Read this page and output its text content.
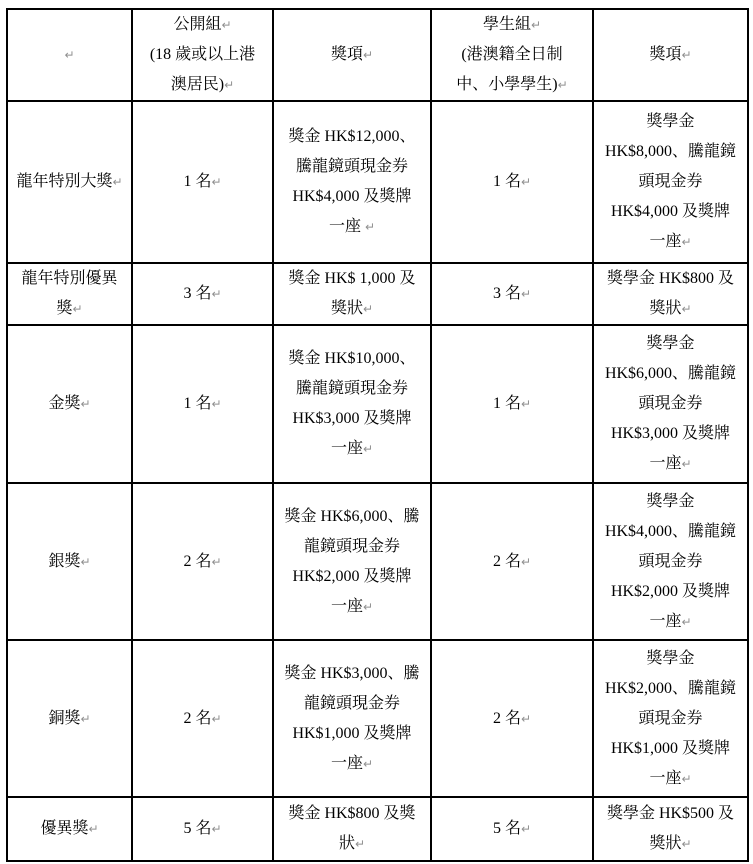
↵	公開組↵
(18 歲或以上港
澳居民)↵	獎項↵	學生組↵
(港澳籍全日制
中、小學學生)↵	獎項↵
龍年特別大獎↵	1 名↵	獎金 HK$12,000、
騰龍鏡頭現金券
HK$4,000 及獎牌
一座 ↵	1 名↵	獎學金
HK$8,000、騰龍鏡
頭現金券
HK$4,000 及獎牌
一座↵
龍年特別優異
獎↵	3 名↵	獎金 HK$ 1,000 及
獎狀↵	3 名↵	獎學金 HK$800 及
獎狀↵
金獎↵	1 名↵	獎金 HK$10,000、
騰龍鏡頭現金券
HK$3,000 及獎牌
一座↵	1 名↵	獎學金
HK$6,000、騰龍鏡
頭現金券
HK$3,000 及獎牌
一座↵
銀獎↵	2 名↵	獎金 HK$6,000、騰
龍鏡頭現金券
HK$2,000 及獎牌
一座↵	2 名↵	獎學金
HK$4,000、騰龍鏡
頭現金券
HK$2,000 及獎牌
一座↵
銅獎↵	2 名↵	獎金 HK$3,000、騰
龍鏡頭現金券
HK$1,000 及獎牌
一座↵	2 名↵	獎學金
HK$2,000、騰龍鏡
頭現金券
HK$1,000 及獎牌
一座↵
優異獎↵	5 名↵	獎金 HK$800 及獎
狀↵	5 名↵	獎學金 HK$500 及
獎狀↵
